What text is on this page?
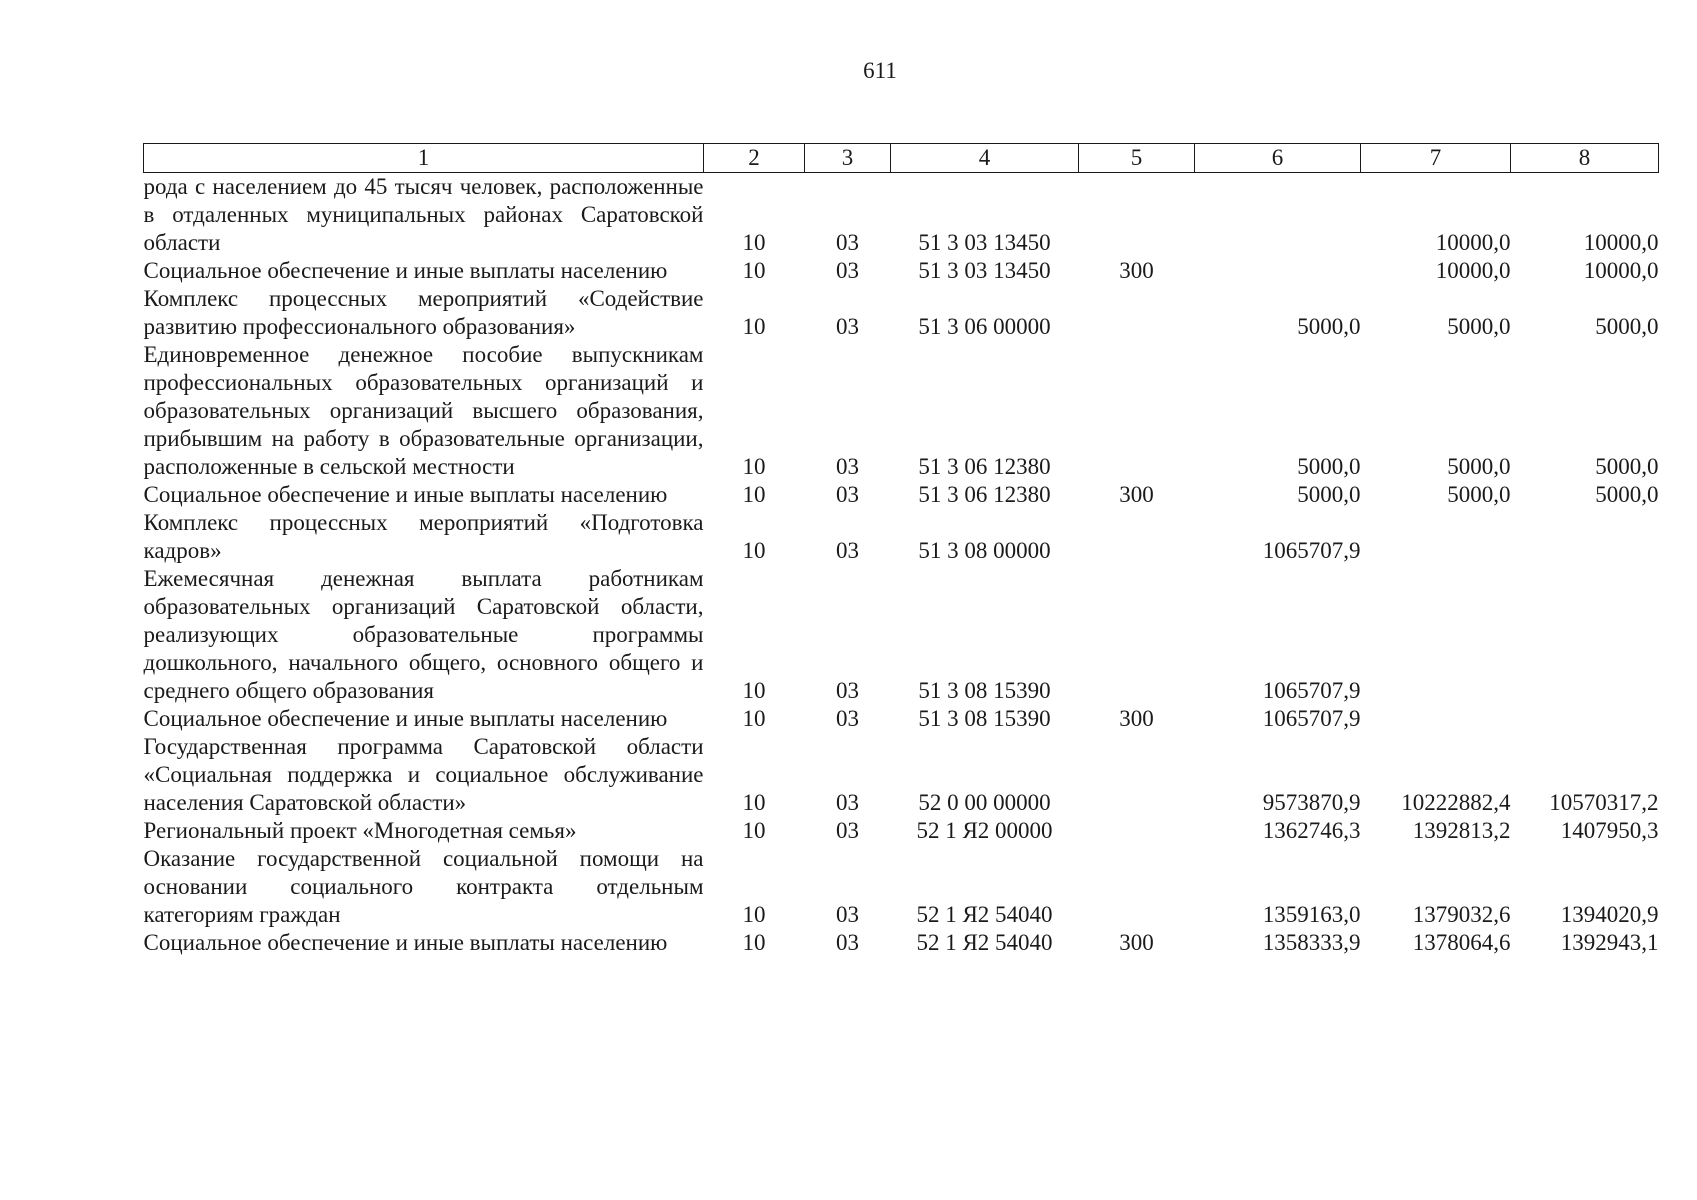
611
1	2	3	4	5	6	7	8
рода с населением до 45 тысяч человек, расположенные в отдаленных муниципальных районах Саратовской области	10	03	51 3 03 13450			10000,0	10000,0
Социальное обеспечение и иные выплаты населению	10	03	51 3 03 13450	300		10000,0	10000,0
Комплекс процессных мероприятий «Содействие развитию профессионального образования»	10	03	51 3 06 00000		5000,0	5000,0	5000,0
Единовременное денежное пособие выпускникам профессиональных образовательных организаций и образовательных организаций высшего образования, прибывшим на работу в образовательные организации, расположенные в сельской местности	10	03	51 3 06 12380		5000,0	5000,0	5000,0
Социальное обеспечение и иные выплаты населению	10	03	51 3 06 12380	300	5000,0	5000,0	5000,0
Комплекс процессных мероприятий «Подготовка кадров»	10	03	51 3 08 00000		1065707,9		
Ежемесячная денежная выплата работникам образовательных организаций Саратовской области, реализующих образовательные программы дошкольного, начального общего, основного общего и среднего общего образования	10	03	51 3 08 15390		1065707,9		
Социальное обеспечение и иные выплаты населению	10	03	51 3 08 15390	300	1065707,9		
Государственная программа Саратовской области «Социальная поддержка и социальное обслуживание населения Саратовской области»	10	03	52 0 00 00000		9573870,9	10222882,4	10570317,2
Региональный проект «Многодетная семья»	10	03	52 1 Я2 00000		1362746,3	1392813,2	1407950,3
Оказание государственной социальной помощи на основании социального контракта отдельным категориям граждан	10	03	52 1 Я2 54040		1359163,0	1379032,6	1394020,9
Социальное обеспечение и иные выплаты населению	10	03	52 1 Я2 54040	300	1358333,9	1378064,6	1392943,1
